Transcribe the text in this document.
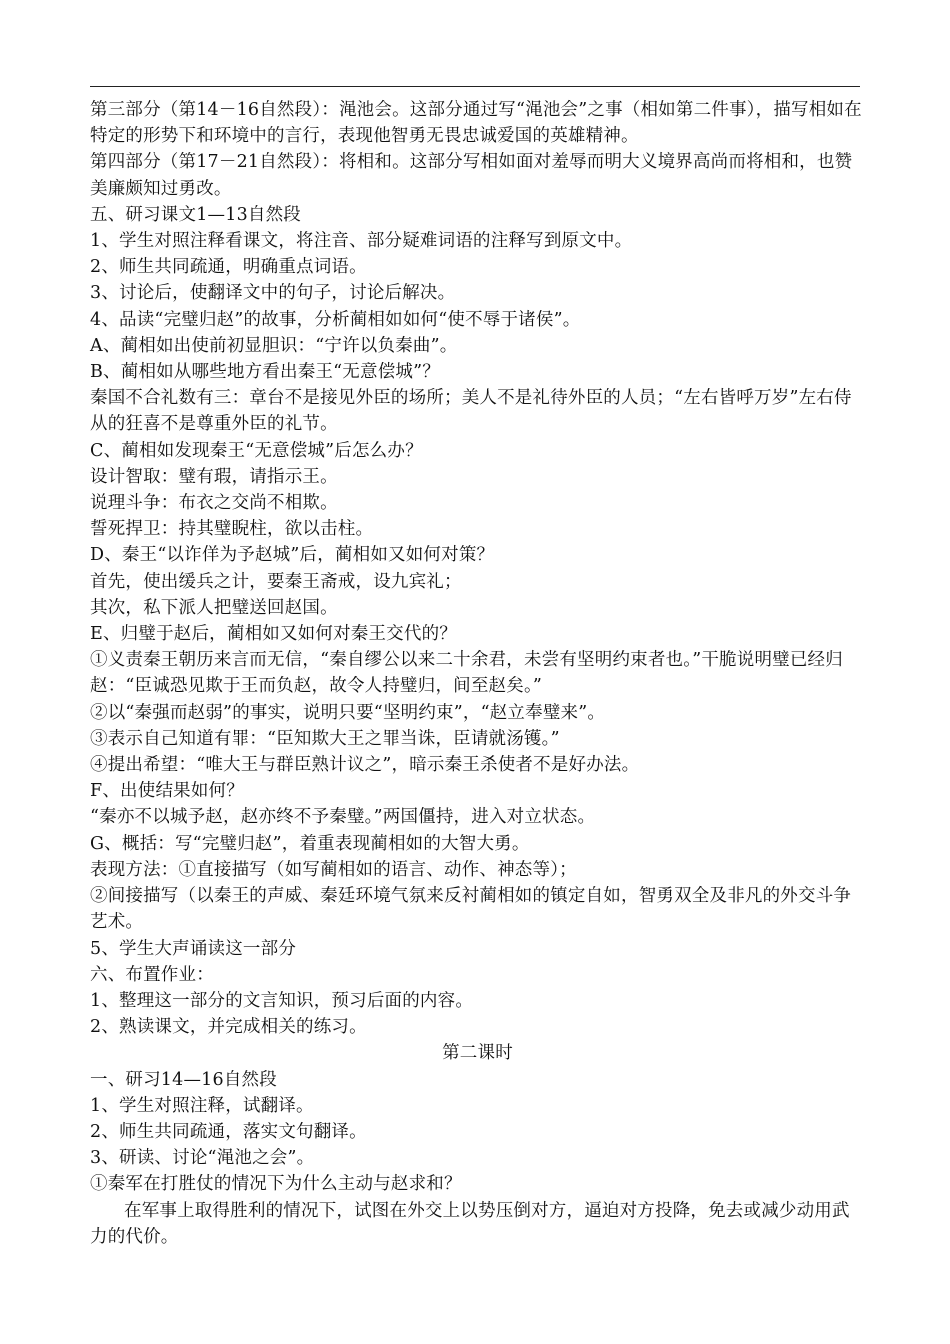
第三部分（第14－16自然段）：渑池会。这部分通过写“渑池会”之事（相如第二件事），描写相如在特定的形势下和环境中的言行，表现他智勇无畏忠诚爱国的英雄精神。

第四部分（第17－21自然段）：将相和。这部分写相如面对羞辱而明大义境界高尚而将相和，也赞美廉颇知过勇改。

五、研习课文1—13自然段

1、学生对照注释看课文，将注音、部分疑难词语的注释写到原文中。

2、师生共同疏通，明确重点词语。

3、讨论后，使翻译文中的句子，讨论后解决。

4、品读“完璧归赵”的故事，分析蔺相如如何“使不辱于诸侯”。

A、蔺相如出使前初显胆识：“宁许以负秦曲”。

B、蔺相如从哪些地方看出秦王“无意偿城”？

秦国不合礼数有三：章台不是接见外臣的场所；美人不是礼待外臣的人员；“左右皆呼万岁”左右侍从的狂喜不是尊重外臣的礼节。

C、蔺相如发现秦王“无意偿城”后怎么办？

设计智取：璧有瑕，请指示王。

说理斗争：布衣之交尚不相欺。

誓死捍卫：持其璧睨柱，欲以击柱。

D、秦王“以诈佯为予赵城”后，蔺相如又如何对策？

首先，使出缓兵之计，要秦王斋戒，设九宾礼；

其次，私下派人把璧送回赵国。

E、归璧于赵后，蔺相如又如何对秦王交代的？

①义责秦王朝历来言而无信，“秦自缪公以来二十余君，未尝有坚明约束者也。”干脆说明璧已经归赵：“臣诚恐见欺于王而负赵，故令人持璧归，间至赵矣。”

②以“秦强而赵弱”的事实，说明只要“坚明约束”，“赵立奉璧来”。

③表示自己知道有罪：“臣知欺大王之罪当诛，臣请就汤镬。”

④提出希望：“唯大王与群臣熟计议之”，暗示秦王杀使者不是好办法。

F、出使结果如何？

“秦亦不以城予赵，赵亦终不予秦璧。”两国僵持，进入对立状态。

G、概括：写“完璧归赵”，着重表现蔺相如的大智大勇。

表现方法：①直接描写（如写蔺相如的语言、动作、神态等）；

②间接描写（以秦王的声威、秦廷环境气氛来反衬蔺相如的镇定自如，智勇双全及非凡的外交斗争艺术。

5、学生大声诵读这一部分

六、布置作业：

1、整理这一部分的文言知识，预习后面的内容。

2、熟读课文，并完成相关的练习。

第二课时

一、研习14—16自然段

1、学生对照注释，试翻译。

2、师生共同疏通，落实文句翻译。

3、研读、讨论“渑池之会”。

①秦军在打胜仗的情况下为什么主动与赵求和？

在军事上取得胜利的情况下，试图在外交上以势压倒对方，逼迫对方投降，免去或减少动用武力的代价。
